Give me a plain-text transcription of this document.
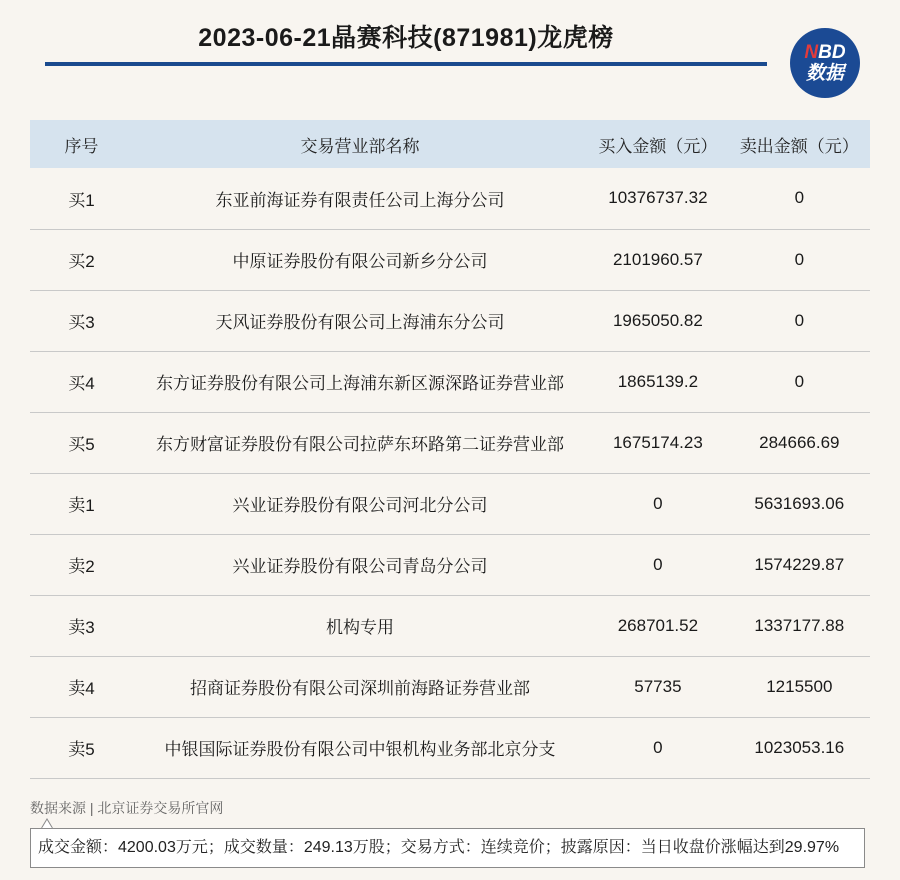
2023-06-21晶赛科技(871981)龙虎榜
NBD
数据
序号	交易营业部名称	买入金额（元）	卖出金额（元）
买1	东亚前海证券有限责任公司上海分公司	10376737.32	0
买2	中原证券股份有限公司新乡分公司	2101960.57	0
买3	天风证券股份有限公司上海浦东分公司	1965050.82	0
买4	东方证券股份有限公司上海浦东新区源深路证券营业部	1865139.2	0
买5	东方财富证券股份有限公司拉萨东环路第二证券营业部	1675174.23	284666.69
卖1	兴业证券股份有限公司河北分公司	0	5631693.06
卖2	兴业证券股份有限公司青岛分公司	0	1574229.87
卖3	机构专用	268701.52	1337177.88
卖4	招商证券股份有限公司深圳前海路证券营业部	57735	1215500
卖5	中银国际证券股份有限公司中银机构业务部北京分支	0	1023053.16
数据来源 | 北京证券交易所官网
成交金额：4200.03万元；成交数量：249.13万股；交易方式：连续竞价；披露原因：当日收盘价涨幅达到29.97%
